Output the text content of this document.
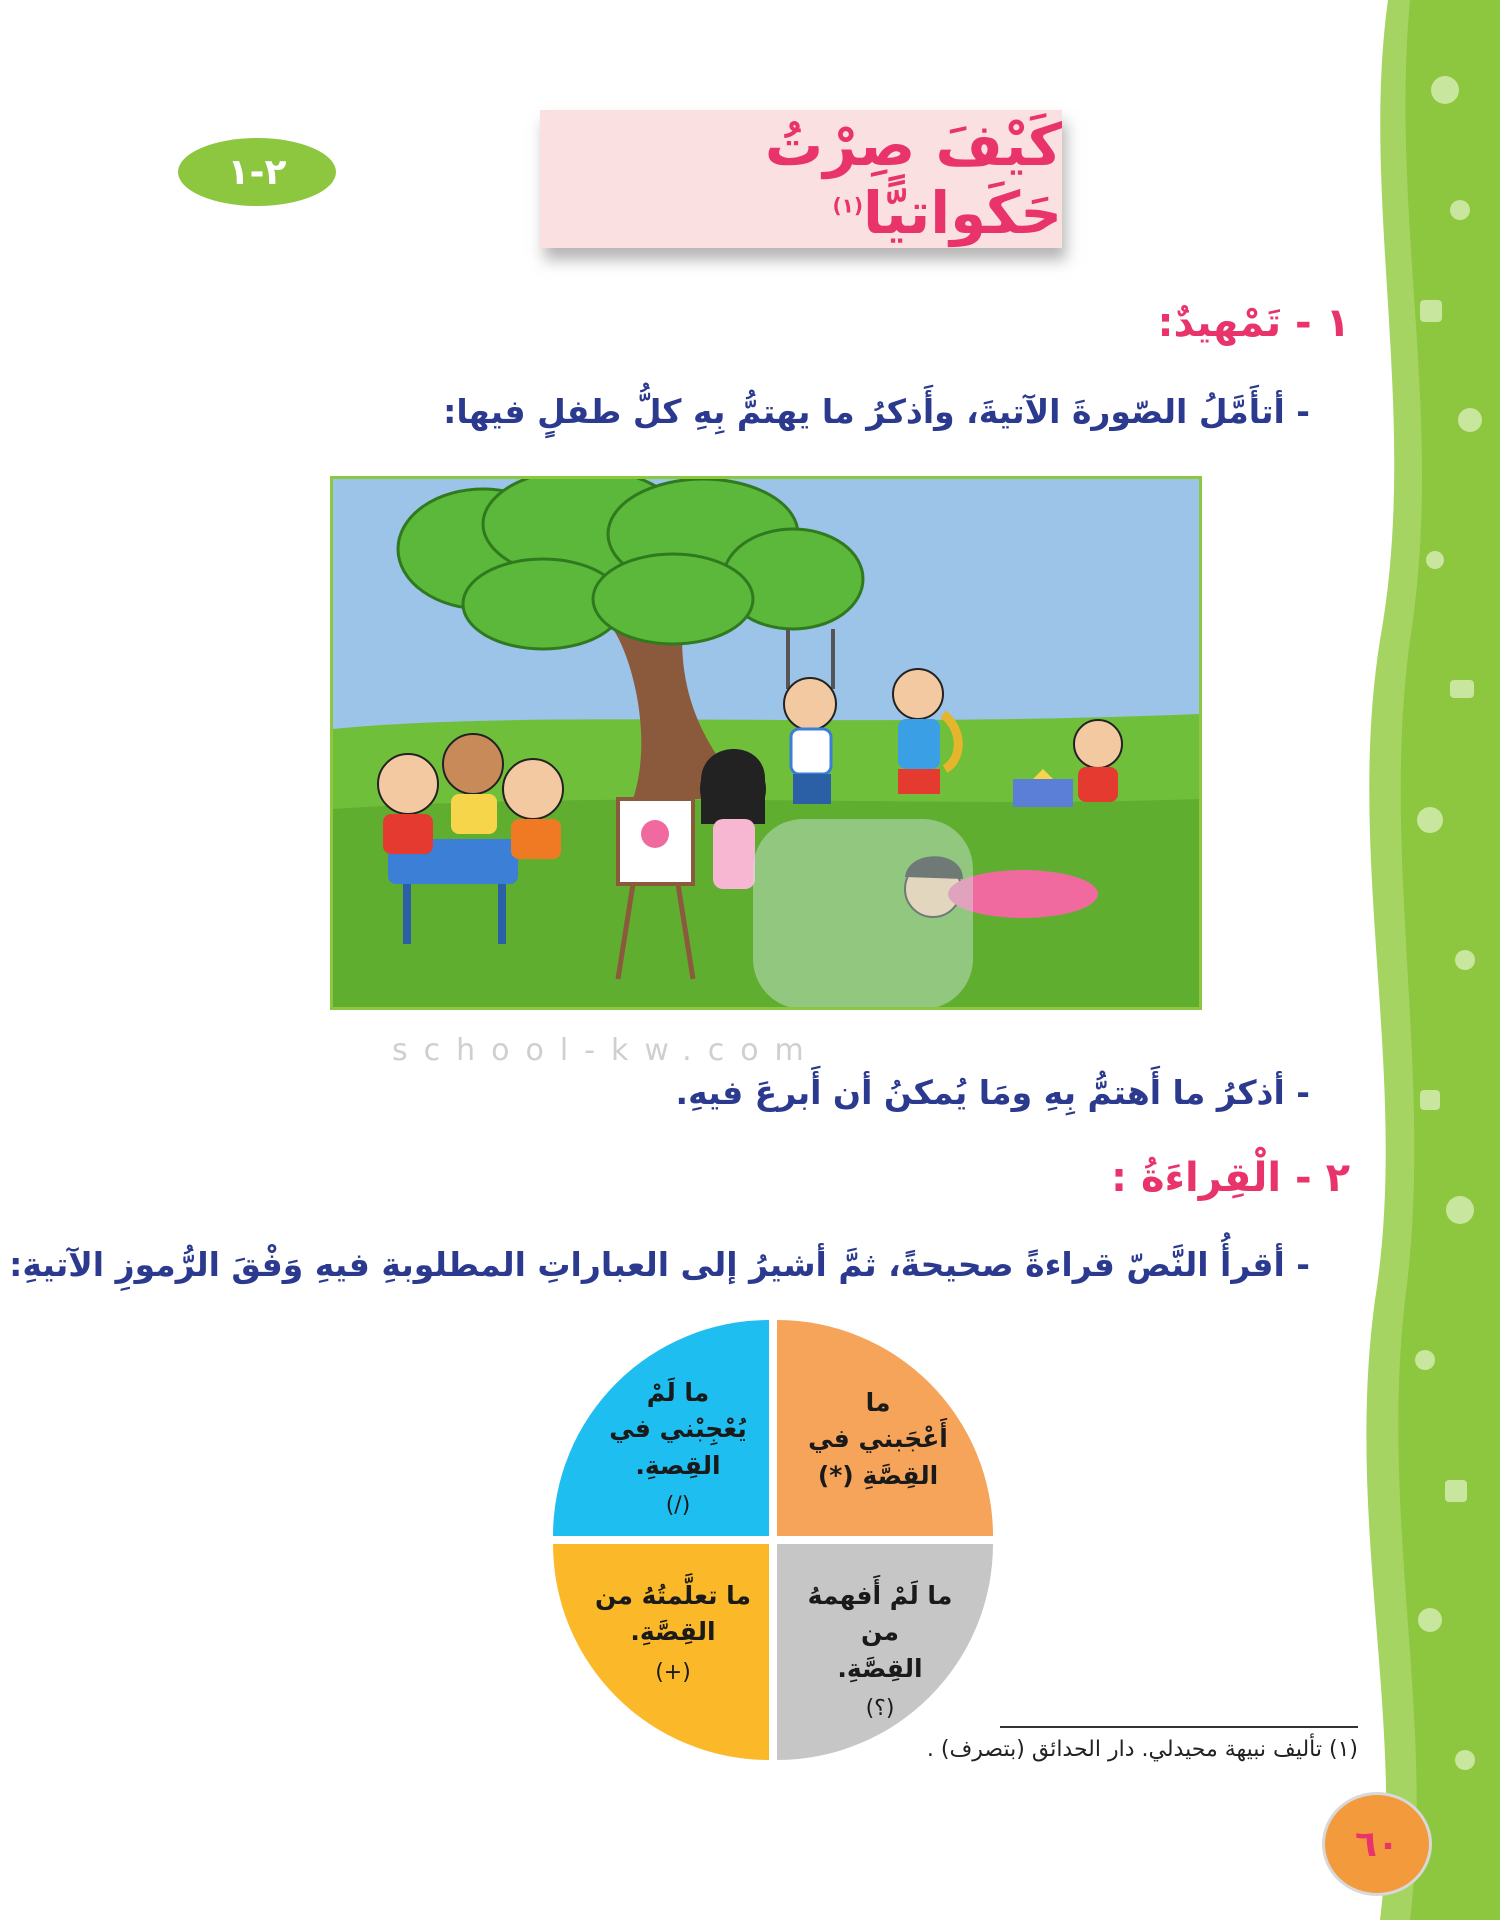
٢-١	كَيْفَ صِرْتُ حَكَواتيًّا$^{(١)}$
١ - تَمْهيدٌ:
- أتأَمَّلُ الصّورةَ الآتيةَ، وأَذكرُ ما يهتمُّ بِهِ كلُّ طفلٍ فيها:
school-kw.com
- أذكرُ ما أَهتمُّ بِهِ ومَا يُمكنُ أن أَبرعَ فيهِ.
٢ - الْقِراءَةُ :
- أقرأُ النَّصّ قراءةً صحيحةً، ثمَّ أشيرُ إلى العباراتِ المطلوبةِ فيهِ وَفْقَ الرُّموزِ الآتيةِ:
ما لَمْ
يُعْجِبْني في
القِصةِ.
(/)
ما
أَعْجَبني في
القِصَّةِ (*)
ما تعلَّمتُهُ من
القِصَّةِ.
(+)
ما لَمْ أَفهمهُ من
القِصَّةِ.
(؟)
(١) تأليف نبيهة محيدلي. دار الحدائق (بتصرف) .
٦٠
